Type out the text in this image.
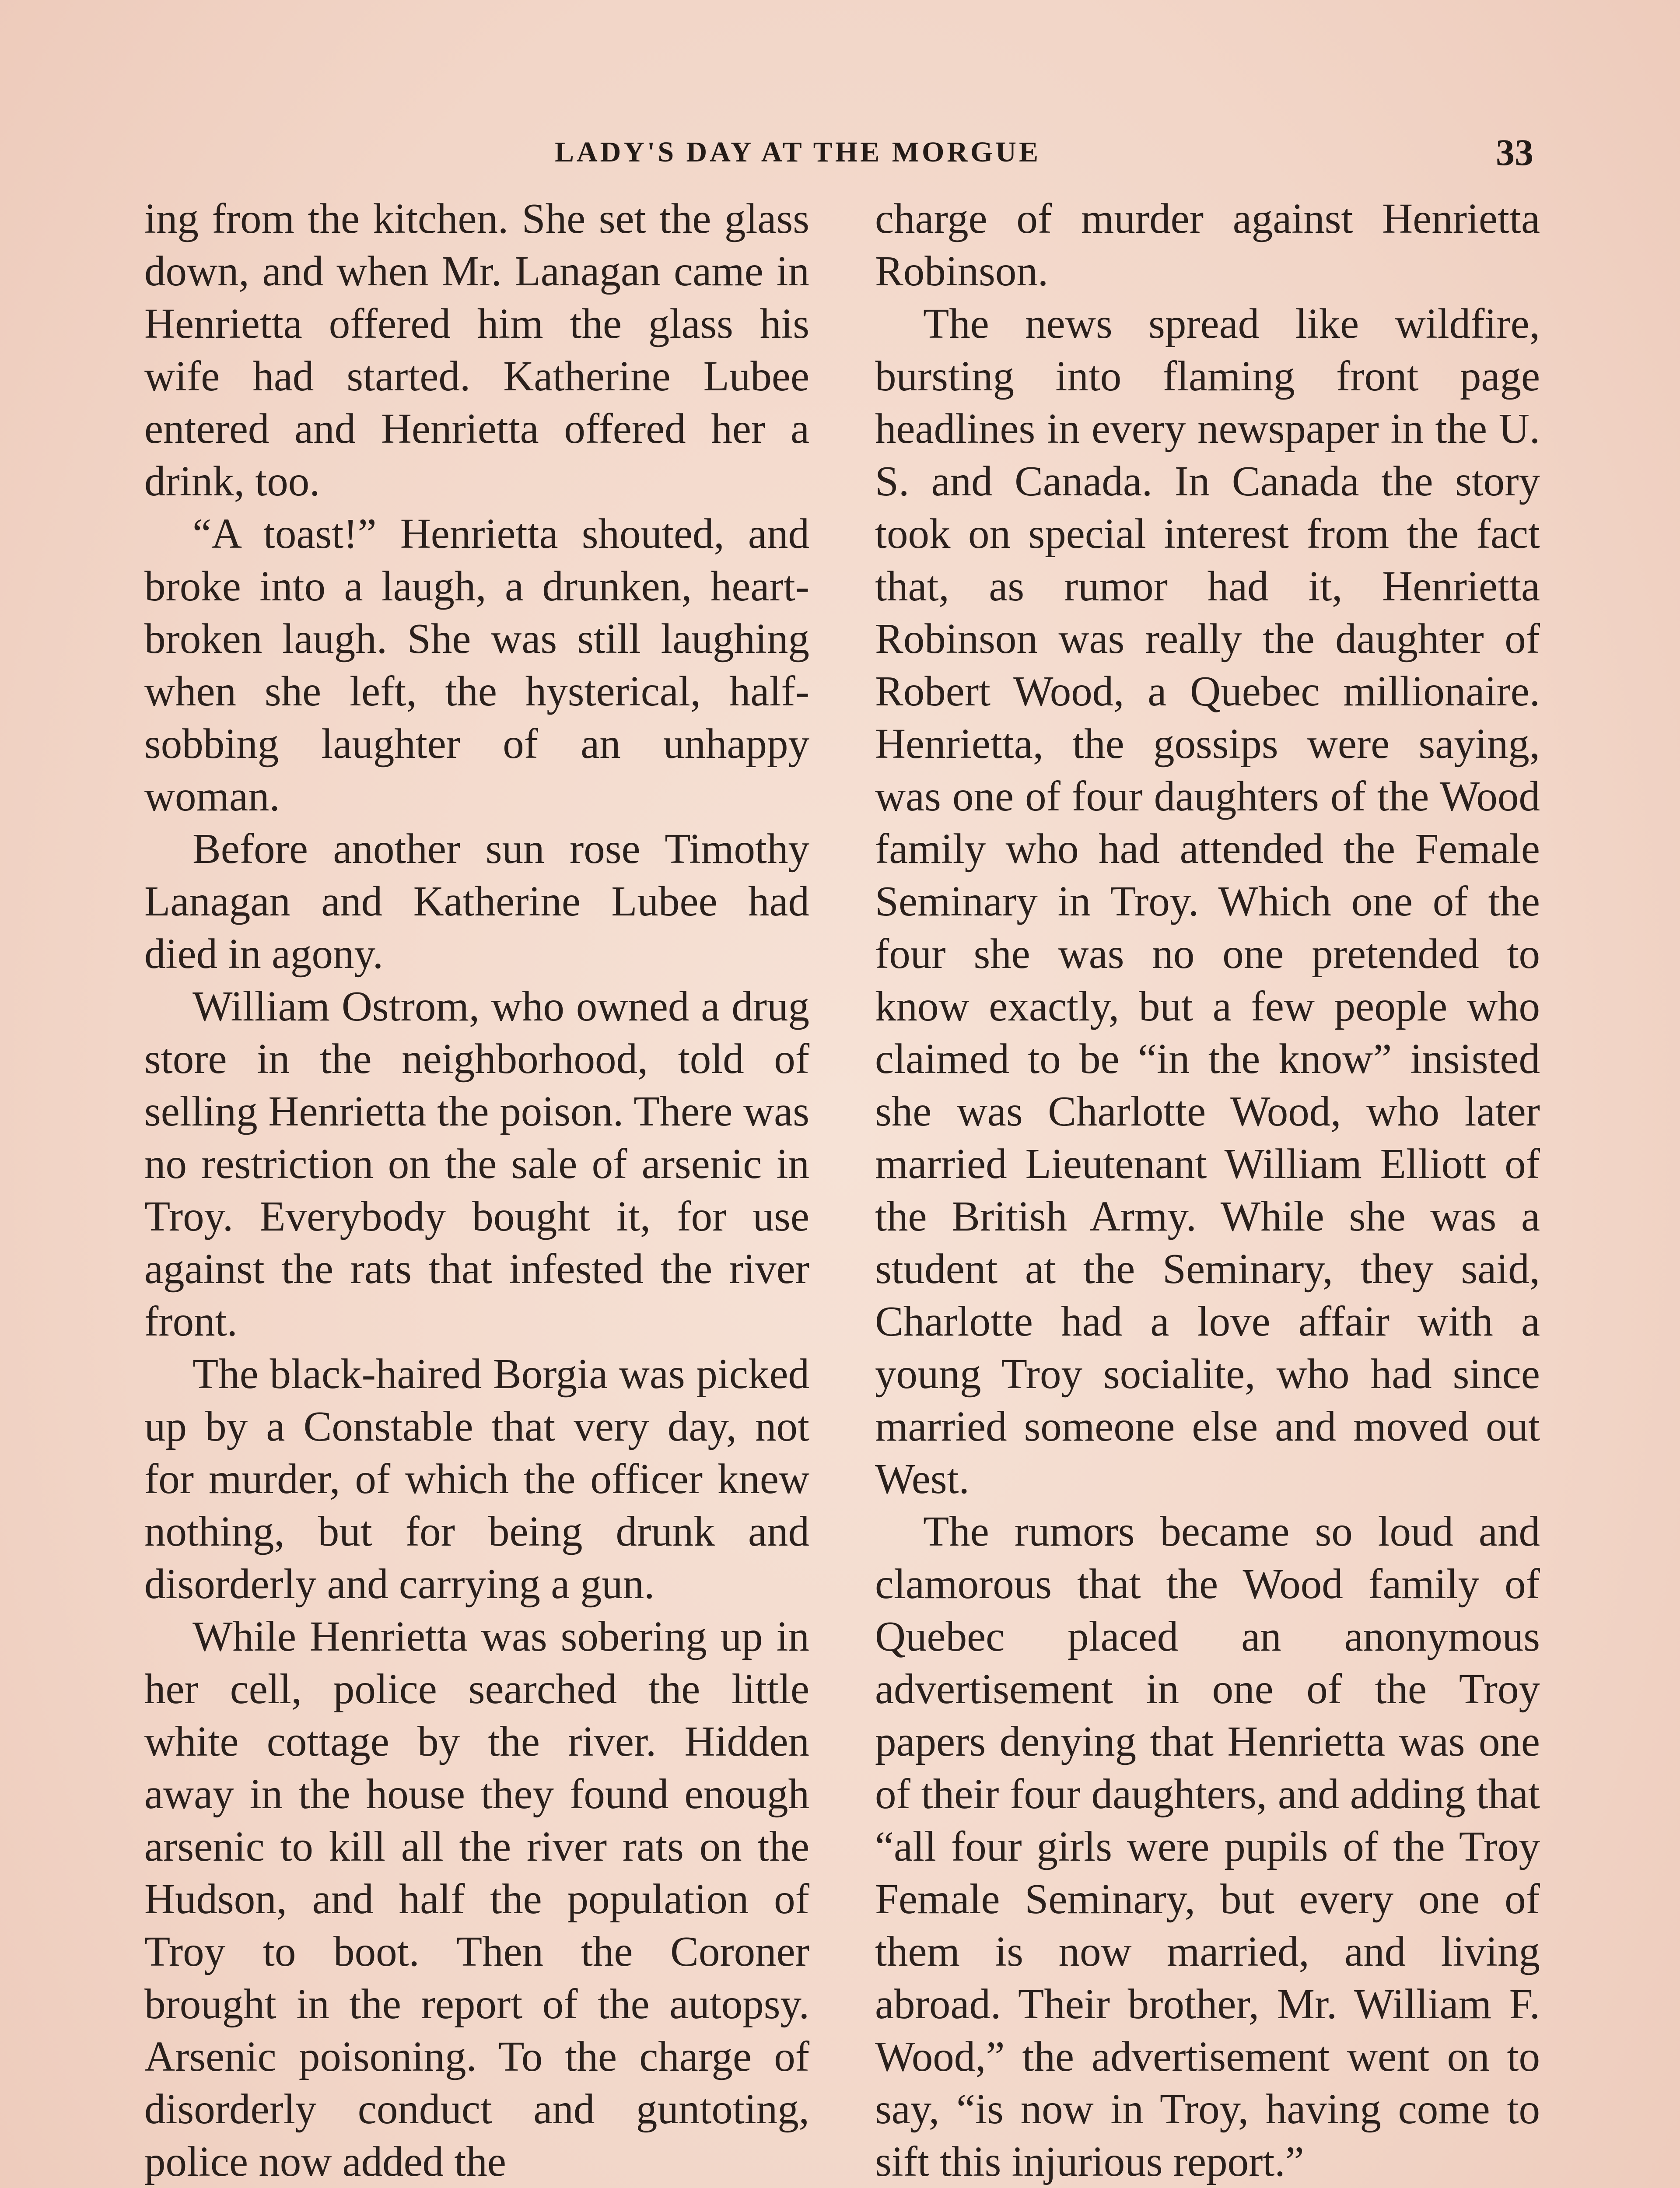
LADY'S DAY AT THE MORGUE	33

ing from the kitchen. She set the glass down, and when Mr. Lanagan came in Henrietta offered him the glass his wife had started. Katherine Lubee entered and Henrietta offered her a drink, too.

“A toast!” Henrietta shouted, and broke into a laugh, a drunken, heart-broken laugh. She was still laughing when she left, the hysterical, half-sobbing laughter of an unhappy woman.

Before another sun rose Timothy Lanagan and Katherine Lubee had died in agony.

William Ostrom, who owned a drug store in the neighborhood, told of selling Henrietta the poison. There was no restriction on the sale of arsenic in Troy. Everybody bought it, for use against the rats that infested the river front.

The black-haired Borgia was picked up by a Constable that very day, not for murder, of which the officer knew nothing, but for being drunk and disorderly and carrying a gun.

While Henrietta was sobering up in her cell, police searched the little white cottage by the river. Hidden away in the house they found enough arsenic to kill all the river rats on the Hudson, and half the population of Troy to boot. Then the Coroner brought in the report of the autopsy. Arsenic poisoning. To the charge of disorderly conduct and guntoting, police now added the

charge of murder against Henrietta Robinson.

The news spread like wildfire, bursting into flaming front page headlines in every newspaper in the U. S. and Canada. In Canada the story took on special interest from the fact that, as rumor had it, Henrietta Robinson was really the daughter of Robert Wood, a Quebec millionaire. Henrietta, the gossips were saying, was one of four daughters of the Wood family who had attended the Female Seminary in Troy. Which one of the four she was no one pretended to know exactly, but a few people who claimed to be “in the know” insisted she was Charlotte Wood, who later married Lieutenant William Elliott of the British Army. While she was a student at the Seminary, they said, Charlotte had a love affair with a young Troy socialite, who had since married someone else and moved out West.

The rumors became so loud and clamorous that the Wood family of Quebec placed an anonymous advertisement in one of the Troy papers denying that Henrietta was one of their four daughters, and adding that “all four girls were pupils of the Troy Female Seminary, but every one of them is now married, and living abroad. Their brother, Mr. William F. Wood,” the advertisement went on to say, “is now in Troy, having come to sift this injurious report.”
